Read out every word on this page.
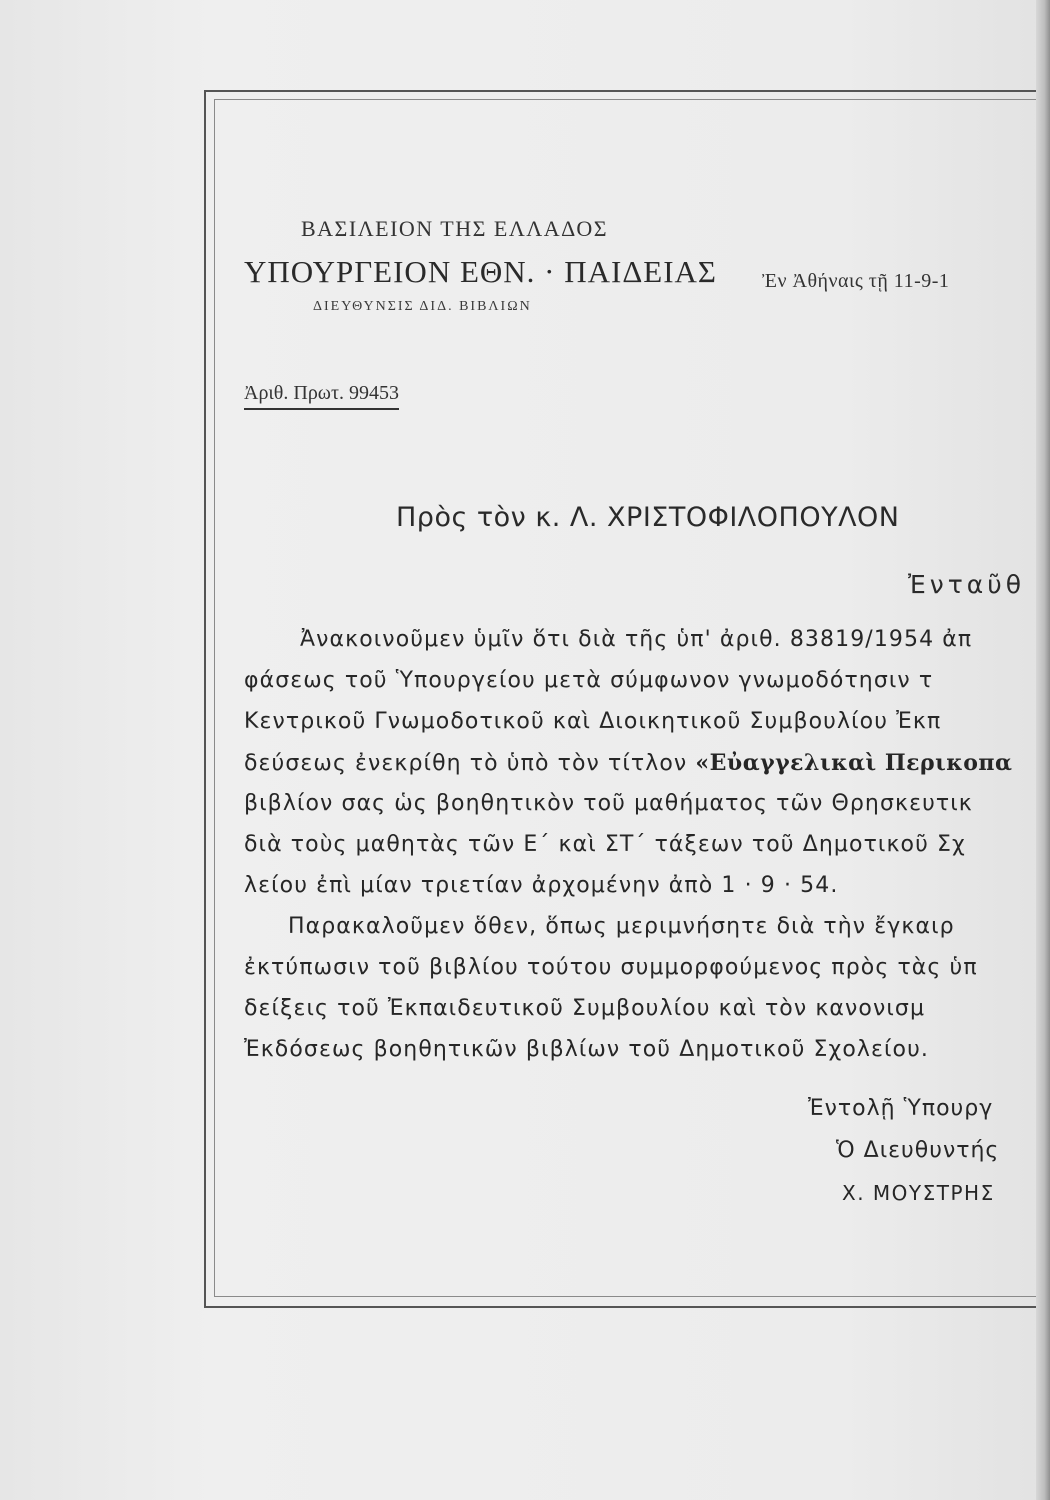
ΒΑΣΙΛΕΙΟΝ ΤΗΣ ΕΛΛΑΔΟΣ
ΥΠΟΥΡΓΕΙΟΝ ΕΘΝ. · ΠΑΙΔΕΙΑΣ
ΔΙΕΥΘΥΝΣΙΣ ΔΙΔ. ΒΙΒΛΙΩΝ
Ἐν Ἀθήναις τῇ 11-9-1
Ἀριθ. Πρωτ. 99453
Πρὸς τὸν κ. Λ. ΧΡΙΣΤΟΦΙΛΟΠΟΥΛΟΝ
Ἐνταῦθ
Ἀνακοινοῦμεν ὑμῖν ὅτι διὰ τῆς ὑπ' ἀριθ. 83819/1954 ἀπ
φάσεως τοῦ Ὑπουργείου μετὰ σύμφωνον γνωμοδότησιν τ
Κεντρικοῦ Γνωμοδοτικοῦ καὶ Διοικητικοῦ Συμβουλίου Ἐκπ
δεύσεως ἐνεκρίθη τὸ ὑπὸ τὸν τίτλον «Εὐαγγελικαὶ Περικοπα
βιβλίον σας ὡς βοηθητικὸν τοῦ μαθήματος τῶν Θρησκευτικ
διὰ τοὺς μαθητὰς τῶν Ε΄ καὶ ΣΤ΄ τάξεων τοῦ Δημοτικοῦ Σχ
λείου ἐπὶ μίαν τριετίαν ἀρχομένην ἀπὸ 1 · 9 · 54.
Παρακαλοῦμεν ὅθεν, ὅπως μεριμνήσητε διὰ τὴν ἔγκαιρ
ἐκτύπωσιν τοῦ βιβλίου τούτου συμμορφούμενος πρὸς τὰς ὑπ
δείξεις τοῦ Ἐκπαιδευτικοῦ Συμβουλίου καὶ τὸν κανονισμ
Ἐκδόσεως βοηθητικῶν βιβλίων τοῦ Δημοτικοῦ Σχολείου.
Ἐντολῇ Ὑπουργ
Ὁ Διευθυντής
Χ. ΜΟΥΣΤΡΗΣ
